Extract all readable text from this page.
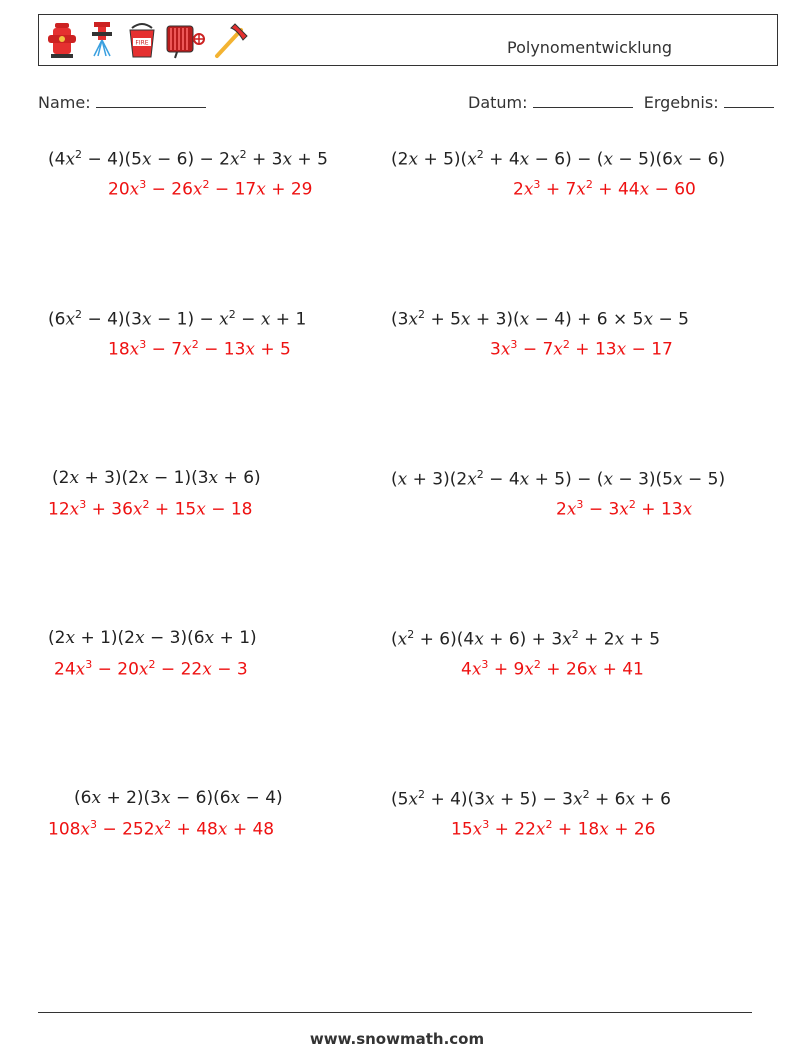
FIRE	Polynomentwicklung
Name:	Datum:	Ergebnis:
$(4x^2 - 4)(5x - 6) - 2x^2 + 3x + 5$
$20x^3 - 26x^2 - 17x + 29$
$(2x + 5)(x^2 + 4x - 6) - (x - 5)(6x - 6)$
$2x^3 + 7x^2 + 44x - 60$
$(6x^2 - 4)(3x - 1) - x^2 - x + 1$
$18x^3 - 7x^2 - 13x + 5$
$(3x^2 + 5x + 3)(x - 4) + 6 \times 5x - 5$
$3x^3 - 7x^2 + 13x - 17$
(2x + 3)(2x − 1)(3x + 6)
$12x^3 + 36x^2 + 15x - 18$
$(x + 3)(2x^2 - 4x + 5) - (x - 3)(5x - 5)$
$2x^3 - 3x^2 + 13x$
(2x + 1)(2x − 3)(6x + 1)
$24x^3 - 20x^2 - 22x - 3$
$(x^2 + 6)(4x + 6) + 3x^2 + 2x + 5$
$4x^3 + 9x^2 + 26x + 41$
(6x + 2)(3x − 6)(6x − 4)
$108x^3 - 252x^2 + 48x + 48$
$(5x^2 + 4)(3x + 5) - 3x^2 + 6x + 6$
$15x^3 + 22x^2 + 18x + 26$
www.snowmath.com
